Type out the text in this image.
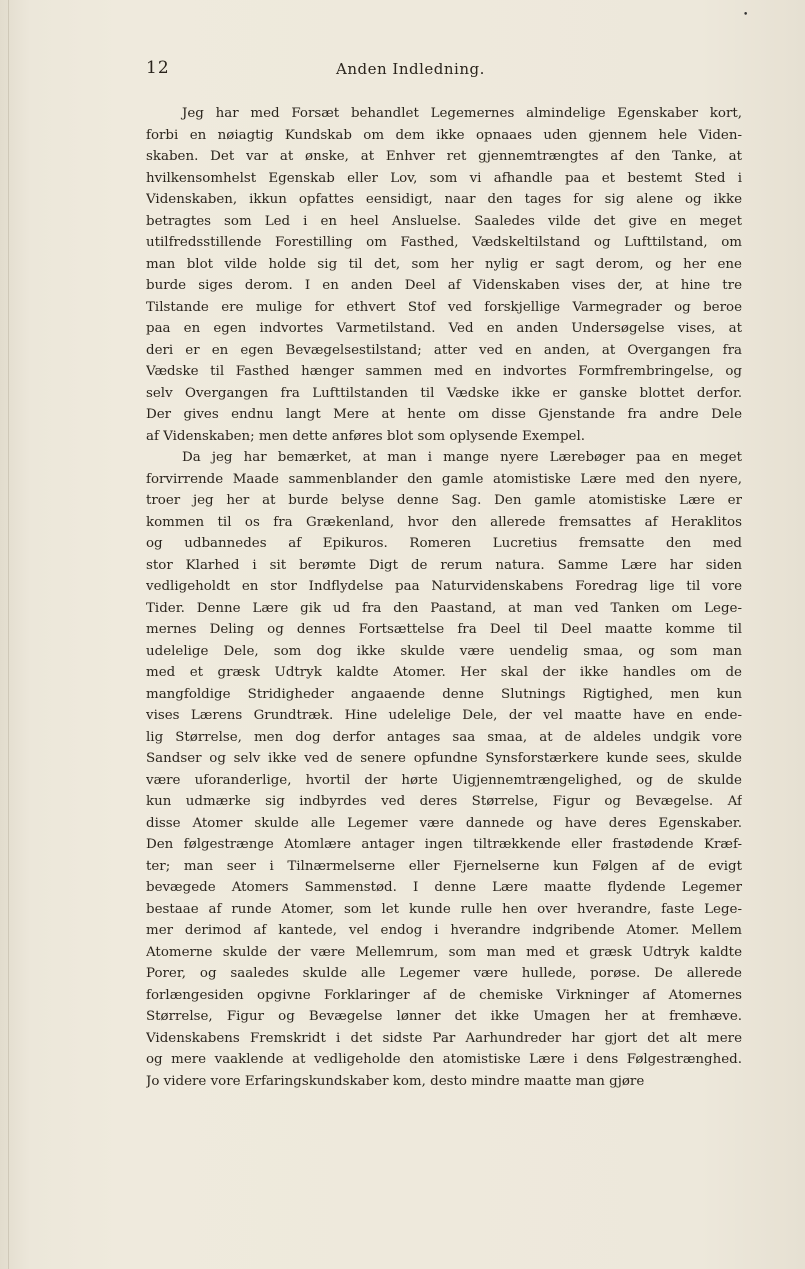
•
12	Anden Indledning.
Jeg har med Forsæt behandlet Legemernes almindelige Egenskaber kort,
forbi en nøiagtig Kundskab om dem ikke opnaaes uden gjennem hele Viden-
skaben. Det var at ønske, at Enhver ret gjennemtrængtes af den Tanke, at
hvilkensomhelst Egenskab eller Lov, som vi afhandle paa et bestemt Sted i
Videnskaben, ikkun opfattes eensidigt, naar den tages for sig alene og ikke
betragtes som Led i en heel Ansluelse. Saaledes vilde det give en meget
utilfredsstillende Forestilling om Fasthed, Vædskeltilstand og Lufttilstand, om
man blot vilde holde sig til det, som her nylig er sagt derom, og her ene
burde siges derom. I en anden Deel af Videnskaben vises der, at hine tre
Tilstande ere mulige for ethvert Stof ved forskjellige Varmegrader og beroe
paa en egen indvortes Varmetilstand. Ved en anden Undersøgelse vises, at
deri er en egen Bevægelsestilstand; atter ved en anden, at Overgangen fra
Vædske til Fasthed hænger sammen med en indvortes Formfrembringelse, og
selv Overgangen fra Lufttilstanden til Vædske ikke er ganske blottet derfor.
Der gives endnu langt Mere at hente om disse Gjenstande fra andre Dele
af Videnskaben; men dette anføres blot som oplysende Exempel.
Da jeg har bemærket, at man i mange nyere Lærebøger paa en meget
forvirrende Maade sammenblander den gamle atomistiske Lære med den nyere,
troer jeg her at burde belyse denne Sag. Den gamle atomistiske Lære er
kommen til os fra Grækenland, hvor den allerede fremsattes af Heraklitos
og udbannedes af Epikuros. Romeren Lucretius fremsatte den med
stor Klarhed i sit berømte Digt de rerum natura. Samme Lære har siden
vedligeholdt en stor Indflydelse paa Naturvidenskabens Foredrag lige til vore
Tider. Denne Lære gik ud fra den Paastand, at man ved Tanken om Lege-
mernes Deling og dennes Fortsættelse fra Deel til Deel maatte komme til
udelelige Dele, som dog ikke skulde være uendelig smaa, og som man
med et græsk Udtryk kaldte Atomer. Her skal der ikke handles om de
mangfoldige Stridigheder angaaende denne Slutnings Rigtighed, men kun
vises Lærens Grundtræk. Hine udelelige Dele, der vel maatte have en ende-
lig Størrelse, men dog derfor antages saa smaa, at de aldeles undgik vore
Sandser og selv ikke ved de senere opfundne Synsforstærkere kunde sees, skulde
være uforanderlige, hvortil der hørte Uigjennemtrængelighed, og de skulde
kun udmærke sig indbyrdes ved deres Størrelse, Figur og Bevægelse. Af
disse Atomer skulde alle Legemer være dannede og have deres Egenskaber.
Den følgestrænge Atomlære antager ingen tiltrækkende eller frastødende Kræf-
ter; man seer i Tilnærmelserne eller Fjernelserne kun Følgen af de evigt
bevægede Atomers Sammenstød. I denne Lære maatte flydende Legemer
bestaae af runde Atomer, som let kunde rulle hen over hverandre, faste Lege-
mer derimod af kantede, vel endog i hverandre indgribende Atomer. Mellem
Atomerne skulde der være Mellemrum, som man med et græsk Udtryk kaldte
Porer, og saaledes skulde alle Legemer være hullede, porøse. De allerede
forlængesiden opgivne Forklaringer af de chemiske Virkninger af Atomernes
Størrelse, Figur og Bevægelse lønner det ikke Umagen her at fremhæve.
Videnskabens Fremskridt i det sidste Par Aarhundreder har gjort det alt mere
og mere vaaklende at vedligeholde den atomistiske Lære i dens Følgestrænghed.
Jo videre vore Erfaringskundskaber kom, desto mindre maatte man gjøre
